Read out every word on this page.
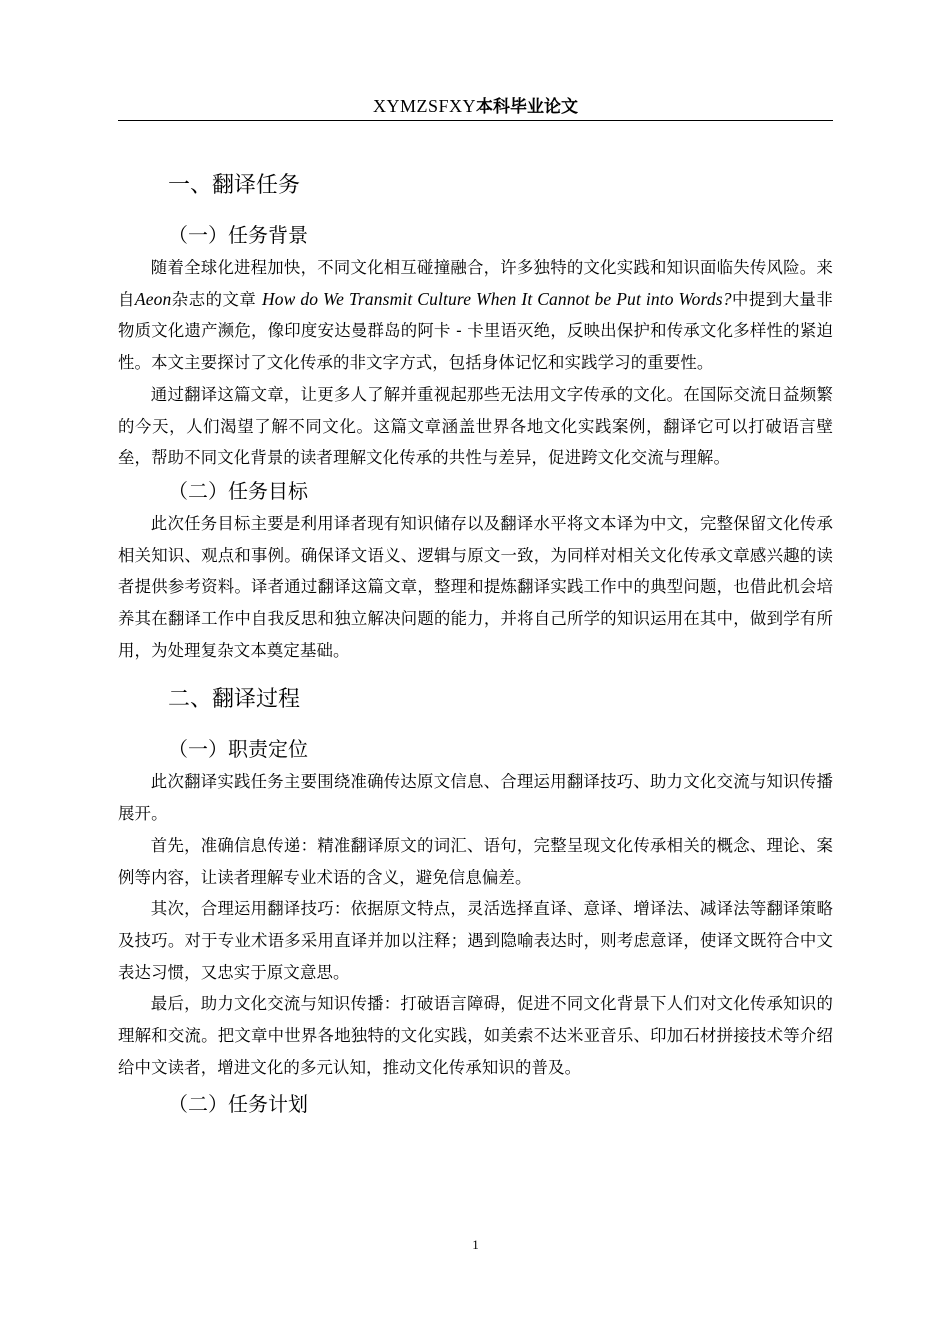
XYMZSFXY本科毕业论文
一、翻译任务
（一）任务背景

随着全球化进程加快，不同文化相互碰撞融合，许多独特的文化实践和知识面临失传风险。来自Aeon杂志的文章 How do We Transmit Culture When It Cannot be Put into Words?中提到大量非物质文化遗产濒危，像印度安达曼群岛的阿卡 - 卡里语灭绝，反映出保护和传承文化多样性的紧迫性。本文主要探讨了文化传承的非文字方式，包括身体记忆和实践学习的重要性。

通过翻译这篇文章，让更多人了解并重视起那些无法用文字传承的文化。在国际交流日益频繁的今天，人们渴望了解不同文化。这篇文章涵盖世界各地文化实践案例，翻译它可以打破语言壁垒，帮助不同文化背景的读者理解文化传承的共性与差异，促进跨文化交流与理解。

（二）任务目标

此次任务目标主要是利用译者现有知识储存以及翻译水平将文本译为中文，完整保留文化传承相关知识、观点和事例。确保译文语义、逻辑与原文一致，为同样对相关文化传承文章感兴趣的读者提供参考资料。译者通过翻译这篇文章，整理和提炼翻译实践工作中的典型问题，也借此机会培养其在翻译工作中自我反思和独立解决问题的能力，并将自己所学的知识运用在其中，做到学有所用，为处理复杂文本奠定基础。

二、翻译过程
（一）职责定位

此次翻译实践任务主要围绕准确传达原文信息、合理运用翻译技巧、助力文化交流与知识传播展开。

首先，准确信息传递：精准翻译原文的词汇、语句，完整呈现文化传承相关的概念、理论、案例等内容，让读者理解专业术语的含义，避免信息偏差。

其次，合理运用翻译技巧：依据原文特点，灵活选择直译、意译、增译法、减译法等翻译策略及技巧。对于专业术语多采用直译并加以注释；遇到隐喻表达时，则考虑意译，使译文既符合中文表达习惯，又忠实于原文意思。

最后，助力文化交流与知识传播：打破语言障碍，促进不同文化背景下人们对文化传承知识的理解和交流。把文章中世界各地独特的文化实践，如美索不达米亚音乐、印加石材拼接技术等介绍给中文读者，增进文化的多元认知，推动文化传承知识的普及。

（二）任务计划
1
